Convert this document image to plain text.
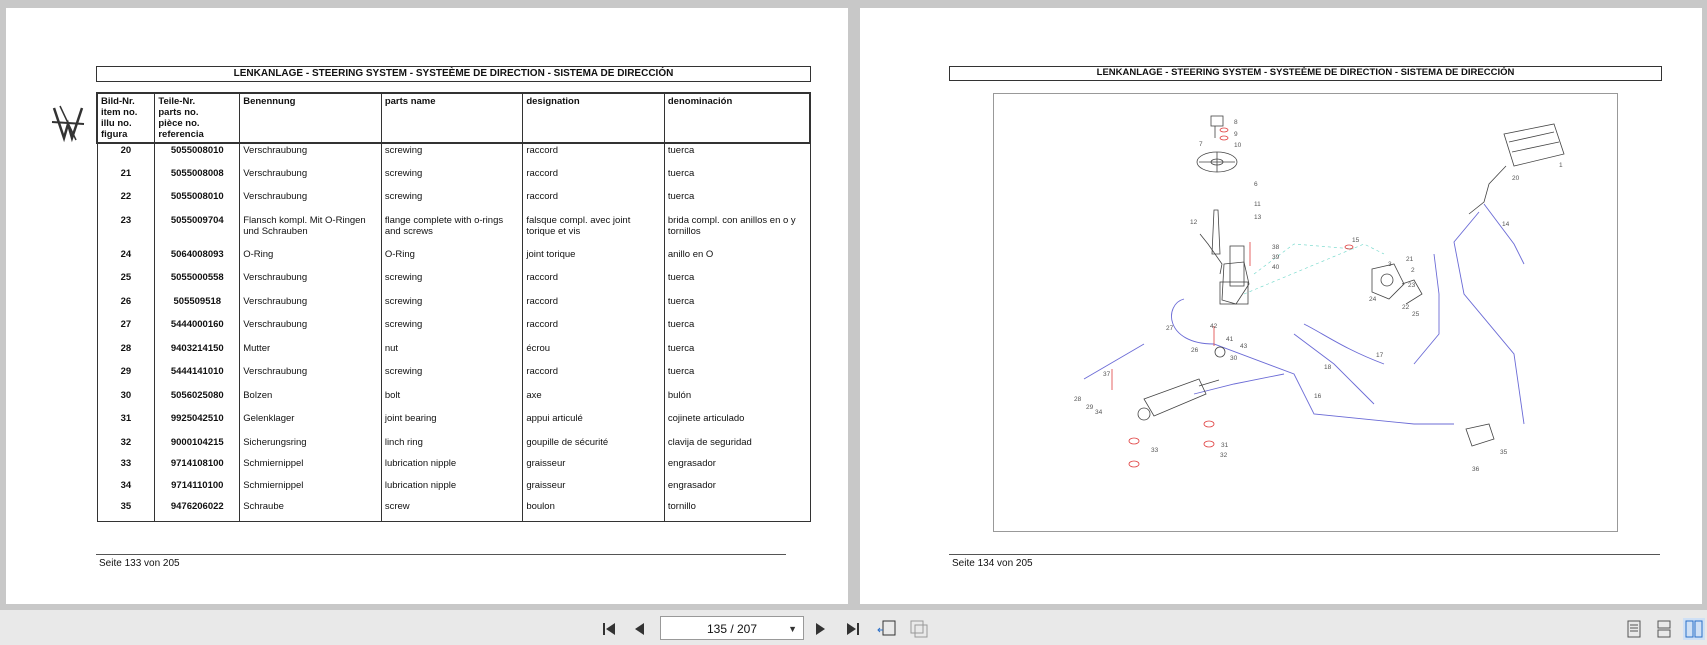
LENKANLAGE - STEERING SYSTEM - SYSTEÈME DE DIRECTION - SISTEMA DE DIRECCIÓN
Bild-Nr.
item no.
illu no.
figura	Teile-Nr.
parts no.
pièce no.
referencia	Benennung	parts name	designation	denominación
20	5055008010	Verschraubung	screwing	raccord	tuerca
21	5055008008	Verschraubung	screwing	raccord	tuerca
22	5055008010	Verschraubung	screwing	raccord	tuerca
23	5055009704	Flansch kompl. Mit O-Ringen und Schrauben	flange complete with o-rings and screws	falsque compl. avec joint torique et vis	brida compl. con anillos en o y tornillos
24	5064008093	O-Ring	O-Ring	joint torique	anillo en O
25	5055000558	Verschraubung	screwing	raccord	tuerca
26	505509518	Verschraubung	screwing	raccord	tuerca
27	5444000160	Verschraubung	screwing	raccord	tuerca
28	9403214150	Mutter	nut	écrou	tuerca
29	5444141010	Verschraubung	screwing	raccord	tuerca
30	5056025080	Bolzen	bolt	axe	bulón
31	9925042510	Gelenklager	joint bearing	appui articulé	cojinete articulado
32	9000104215	Sicherungsring	linch ring	goupille de sécurité	clavija de seguridad
33	9714108100	Schmiernippel	lubrication nipple	graisseur	engrasador
34	9714110100	Schmiernippel	lubrication nipple	graisseur	engrasador
35	9476206022	Schraube	screw	boulon	tornillo
Seite 133 von 205
LENKANLAGE - STEERING SYSTEM - SYSTEÈME DE DIRECTION - SISTEMA DE DIRECCIÓN
1
2
3
6
7
8
9
10
11
12
13
14
15
16
17
18
20
21
22
23
24
25
26
27
28
29
30
31
32
33
34
35
36
37
38
39
40
41
42
43
Seite 134 von 205
135 / 207	▼
